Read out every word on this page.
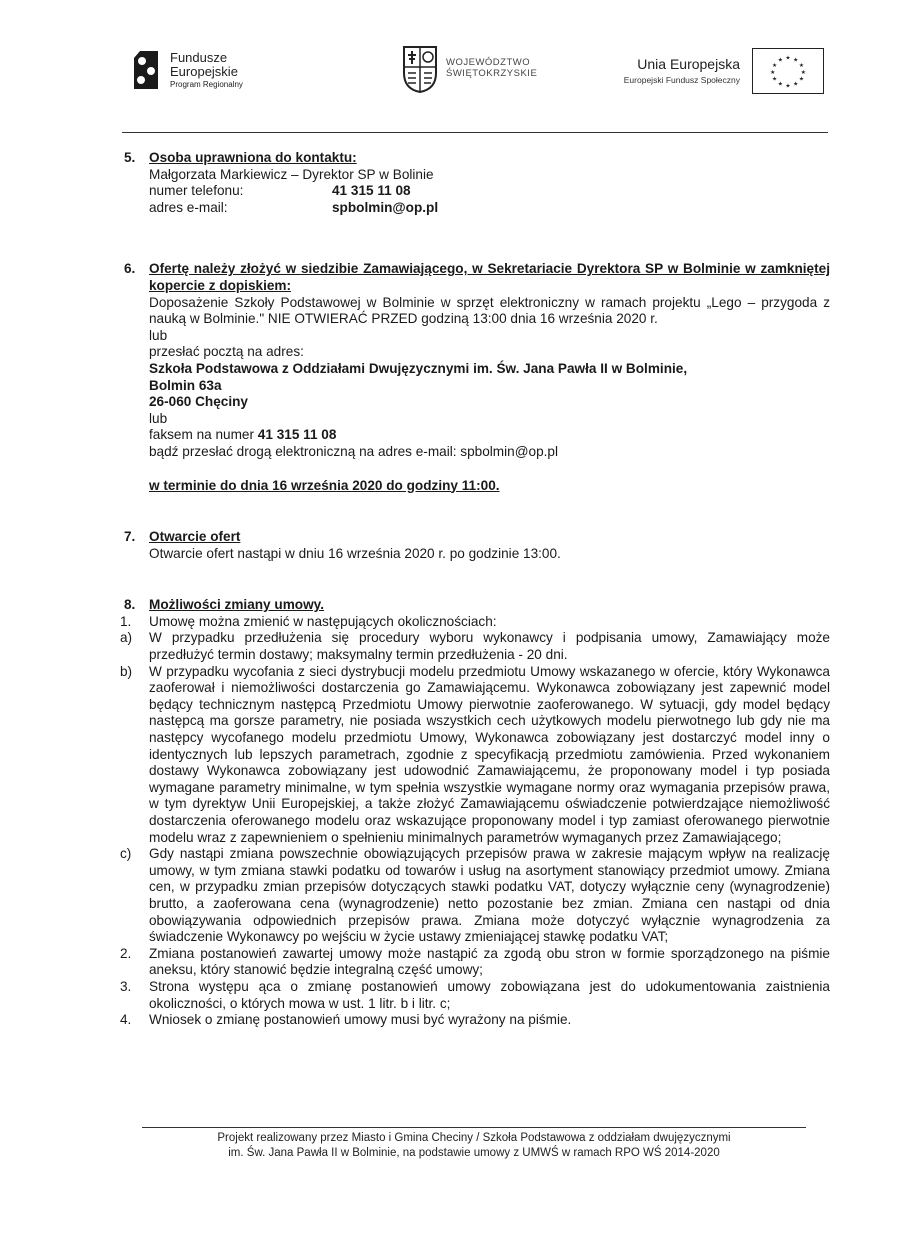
Fundusze
Europejskie
Program Regionalny
WOJEWÓDZTWO
ŚWIĘTOKRZYSKIE
Unia Europejska
Europejski Fundusz Społeczny
★ ★
★
★
★
★
★
★
★
★
★
★
5. Osoba uprawniona do kontaktu:
Małgorzata Markiewicz – Dyrektor SP w Bolinie
numer telefonu:	41 315 11 08
adres e-mail:	spbolmin@op.pl
6. Ofertę należy złożyć w siedzibie Zamawiającego, w Sekretariacie Dyrektora SP w Bolminie w zamkniętej kopercie z dopiskiem:
Doposażenie Szkoły Podstawowej w Bolminie w sprzęt elektroniczny w ramach projektu „Lego – przygoda z nauką w Bolminie." NIE OTWIERAĆ PRZED godziną 13:00 dnia 16 września 2020 r.
lub
przesłać pocztą na adres:
Szkoła Podstawowa z Oddziałami Dwujęzycznymi im. Św. Jana Pawła II w Bolminie,
Bolmin 63a
26-060 Chęciny
lub
faksem na numer 41 315 11 08
bądź przesłać drogą elektroniczną na adres e-mail: spbolmin@op.pl
w terminie do dnia 16 września 2020 do godziny 11:00.
7. Otwarcie ofert
Otwarcie ofert nastąpi w dniu 16 września 2020 r. po godzinie 13:00.
8. Możliwości zmiany umowy.
1. Umowę można zmienić w następujących okolicznościach:
a) W przypadku przedłużenia się procedury wyboru wykonawcy i podpisania umowy, Zamawiający może przedłużyć termin dostawy; maksymalny termin przedłużenia - 20 dni.
b) W przypadku wycofania z sieci dystrybucji modelu przedmiotu Umowy wskazanego w ofercie, który Wykonawca zaoferował i niemożliwości dostarczenia go Zamawiającemu. Wykonawca zobowiązany jest zapewnić model będący technicznym następcą Przedmiotu Umowy pierwotnie zaoferowanego. W sytuacji, gdy model będący następcą ma gorsze parametry, nie posiada wszystkich cech użytkowych modelu pierwotnego lub gdy nie ma następcy wycofanego modelu przedmiotu Umowy, Wykonawca zobowiązany jest dostarczyć model inny o identycznych lub lepszych parametrach, zgodnie z specyfikacją przedmiotu zamówienia. Przed wykonaniem dostawy Wykonawca zobowiązany jest udowodnić Zamawiającemu, że proponowany model i typ posiada wymagane parametry minimalne, w tym spełnia wszystkie wymagane normy oraz wymagania przepisów prawa, w tym dyrektyw Unii Europejskiej, a także złożyć Zamawiającemu oświadczenie potwierdzające niemożliwość dostarczenia oferowanego modelu oraz wskazujące proponowany model i typ zamiast oferowanego pierwotnie modelu wraz z zapewnieniem o spełnieniu minimalnych parametrów wymaganych przez Zamawiającego;
c) Gdy nastąpi zmiana powszechnie obowiązujących przepisów prawa w zakresie mającym wpływ na realizację umowy, w tym zmiana stawki podatku od towarów i usług na asortyment stanowiący przedmiot umowy. Zmiana cen, w przypadku zmian przepisów dotyczących stawki podatku VAT, dotyczy wyłącznie ceny (wynagrodzenie) brutto, a zaoferowana cena (wynagrodzenie) netto pozostanie bez zmian. Zmiana cen nastąpi od dnia obowiązywania odpowiednich przepisów prawa. Zmiana może dotyczyć wyłącznie wynagrodzenia za świadczenie Wykonawcy po wejściu w życie ustawy zmieniającej stawkę podatku VAT;
2. Zmiana postanowień zawartej umowy może nastąpić za zgodą obu stron w formie sporządzonego na piśmie aneksu, który stanowić będzie integralną część umowy;
3. Strona występu ąca o zmianę postanowień umowy zobowiązana jest do udokumentowania zaistnienia okoliczności, o których mowa w ust. 1 litr. b i litr. c;
4. Wniosek o zmianę postanowień umowy musi być wyrażony na piśmie.
Projekt realizowany przez Miasto i Gmina Checiny / Szkoła Podstawowa z oddziałam dwujęzycznymi
im. Św. Jana Pawła II w Bolminie, na podstawie umowy z UMWŚ w ramach RPO WŚ 2014-2020
